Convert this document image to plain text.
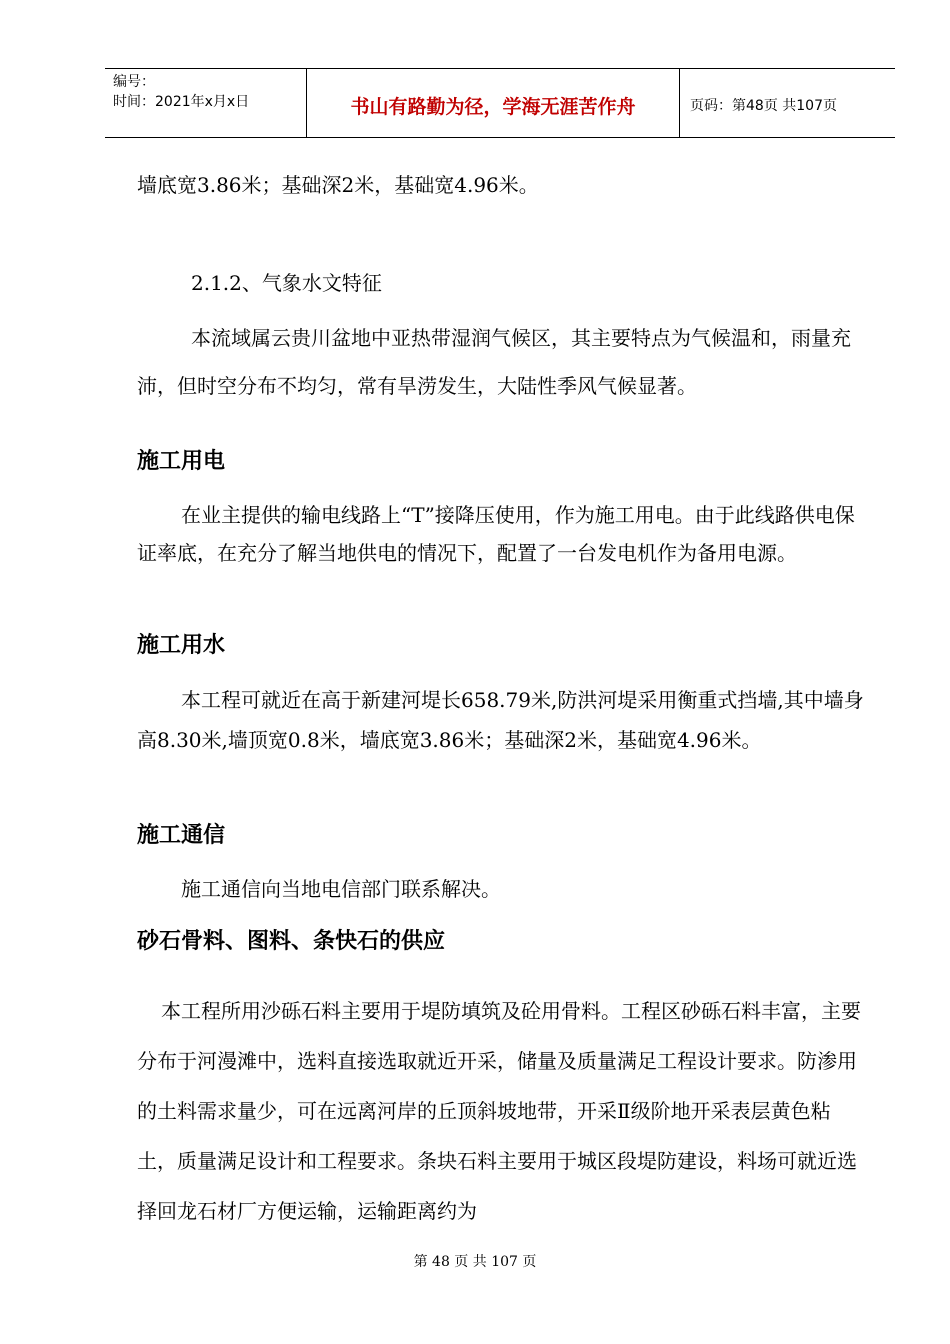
编号：
时间：2021年x月x日	书山有路勤为径，学海无涯苦作舟	页码：第48页 共107页
墙底宽3.86米；基础深2米，基础宽4.96米。
2.1.2、气象水文特征
本流域属云贵川盆地中亚热带湿润气候区，其主要特点为气候温和，雨量充沛，但时空分布不均匀，常有旱涝发生，大陆性季风气候显著。
施工用电
在业主提供的输电线路上“T”接降压使用，作为施工用电。由于此线路供电保证率底，在充分了解当地供电的情况下，配置了一台发电机作为备用电源。
施工用水
本工程可就近在高于新建河堤长658.79米,防洪河堤采用衡重式挡墙,其中墙身高8.30米,墙顶宽0.8米，墙底宽3.86米；基础深2米，基础宽4.96米。
施工通信
施工通信向当地电信部门联系解决。
砂石骨料、图料、条快石的供应
本工程所用沙砾石料主要用于堤防填筑及砼用骨料。工程区砂砾石料丰富，主要分布于河漫滩中，选料直接选取就近开采，储量及质量满足工程设计要求。防渗用的土料需求量少，可在远离河岸的丘顶斜坡地带，开采Ⅱ级阶地开采表层黄色粘土，质量满足设计和工程要求。条块石料主要用于城区段堤防建设，料场可就近选择回龙石材厂方便运输，运输距离约为
第 48 页 共 107 页
